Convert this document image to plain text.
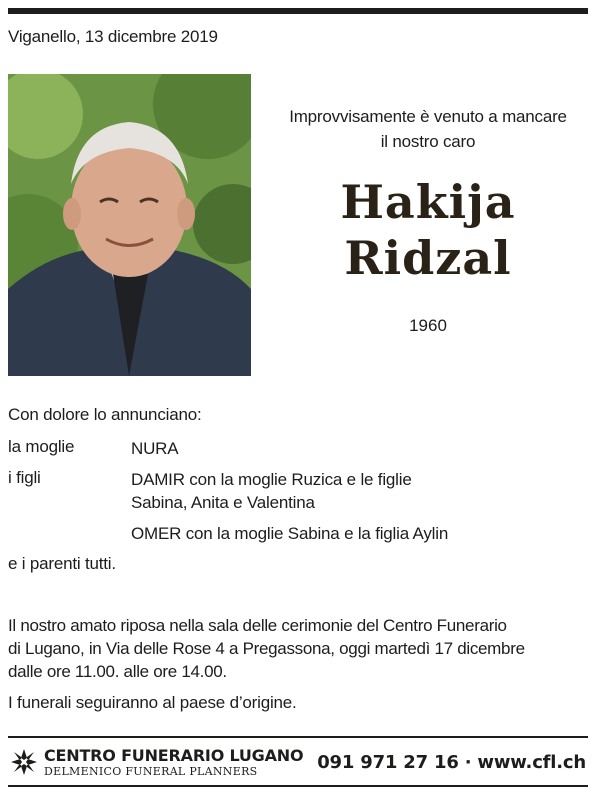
Viganello, 13 dicembre 2019
Improvvisamente è venuto a mancare
il nostro caro
Hakija
Ridzal
1960
Con dolore lo annunciano:
la moglie	NURA
i figli	DAMIR con la moglie Ruzica e le figlie
Sabina, Anita e Valentina
OMER con la moglie Sabina e la figlia Aylin
e i parenti tutti.
Il nostro amato riposa nella sala delle cerimonie del Centro Funerario
di Lugano, in Via delle Rose 4 a Pregassona, oggi martedì 17 dicembre
dalle ore 11.00. alle ore 14.00.
I funerali seguiranno al paese d’origine.
CENTRO FUNERARIO LUGANO
DELMENICO FUNERAL PLANNERS	091 971 27 16 · www.cfl.ch
